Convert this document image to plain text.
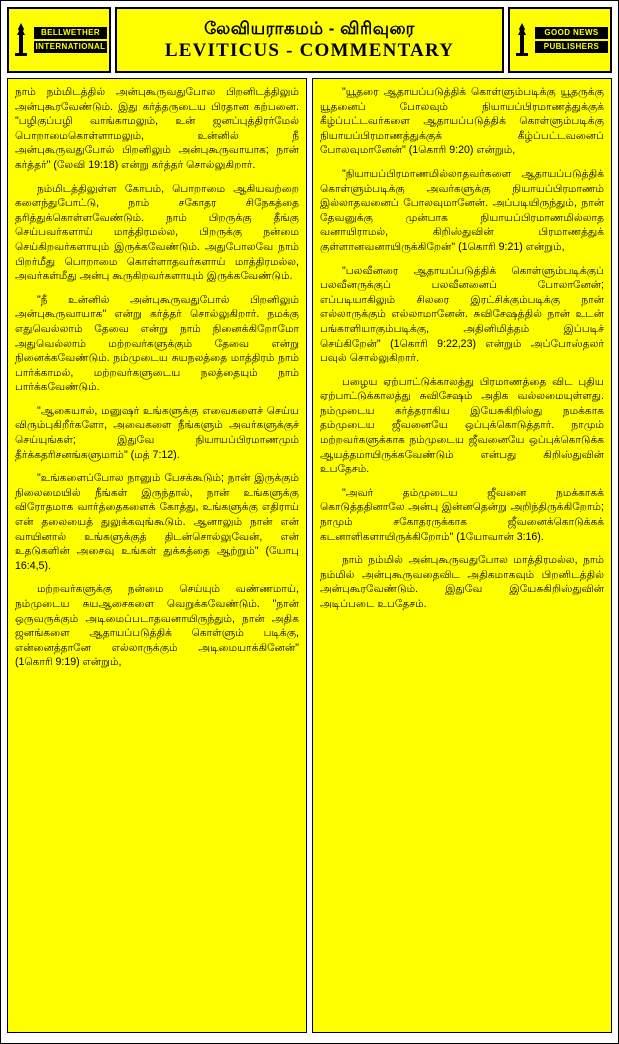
BELLWETHER
INTERNATIONAL
லேவியராகமம் - விரிவுரை
LEVITICUS - COMMENTARY
GOOD NEWS
PUBLISHERS

நாம் நம்மிடத்தில் அன்புகூருவதுபோல பிறனிடத்திலும் அன்புகூரவேண்டும். இது கர்த்தருடைய பிரதான கற்பனை. "பழிகுப்பழி வாங்காமலும், உன் ஜனப்புத்திரர்மேல் பொறாமைகொள்ளாமலும், உன்னில் நீ அன்புகூருவதுபோல் பிறனிலும் அன்புகூருவாயாக; நான் கர்த்தர்" (லேவி 19:18) என்று கர்த்தர் சொல்லுகிறார்.

நம்மிடத்திலுள்ள கோபம், பொறாமை ஆகியவற்றை களைந்துபோட்டு, நாம் சகோதர சிநேகத்தை தரித்துக்கொள்ளவேண்டும். நாம் பிறருக்கு தீங்கு செய்பவர்களாய் மாத்திரமல்ல, பிறருக்கு நன்மை செய்கிறவர்களாயும் இருக்கவேண்டும். அதுபோலவே நாம் பிறர்மீது பொறாமை கொள்ளாதவர்களாய் மாத்திரமல்ல, அவர்கள்மீது அன்பு கூருகிறவர்களாயும் இருக்கவேண்டும்.

"நீ உன்னில் அன்புகூருவதுபோல் பிறனிலும் அன்புகூருவாயாக" என்று கர்த்தர் சொல்லுகிறார். நமக்கு எதுவெல்லாம் தேவை என்று நாம் நினைக்கிறோமோ அதுவெல்லாம் மற்றவர்களுக்கும் தேவை என்று நினைக்கவேண்டும். நம்முடைய சுயநலத்தை மாத்திரம் நாம் பார்க்காமல், மற்றவர்களுடைய நலத்தையும் நாம் பார்க்கவேண்டும்.

"ஆகையால், மனுஷர் உங்களுக்கு எவைகளைச் செய்ய விரும்புகிறீர்களோ, அவைகளை நீங்களும் அவர்களுக்குச் செய்யுங்கள்; இதுவே நியாயப்பிரமாணமும் தீர்க்கதரிசனங்களுமாம்" (மத் 7:12).

"உங்களைப்போல நானும் பேசக்கூடும்; நான் இருக்கும் நிலைமையில் நீங்கள் இருந்தால், நான் உங்களுக்கு விரோதமாக வார்த்தைகளைக் கோத்து, உங்களுக்கு எதிராய் என் தலையைத் துலுக்கவுங்கூடும். ஆனாலும் நான் என் வாயினால் உங்களுக்குத் திடன்சொல்லுவேன், என் உதடுகளின் அசைவு உங்கள் துக்கத்தை ஆற்றும்" (யோபு 16:4,5).

மற்றவர்களுக்கு நன்மை செய்யும் வண்ணமாய், நம்முடைய சுயஆசைகளை வெறுக்கவேண்டும். "நான் ஒருவருக்கும் அடிமைப்படாதவனாயிருந்தும், நான் அதிக ஜனங்களை ஆதாயப்படுத்திக் கொள்ளும் படிக்கு, என்னைத்தானே எல்லாருக்கும் அடிமையாக்கினேன்" (1கொரி 9:19) என்றும்,

"யூதரை ஆதாயப்படுத்திக் கொள்ளும்படிக்கு யூதருக்கு யூதனைப் போலவும் நியாயப்பிரமாணத்துக்குக் கீழ்ப்பட்டவர்களை ஆதாயப்படுத்திக் கொள்ளும்படிக்கு நியாயப்பிரமாணத்துக்குக் கீழ்ப்பட்டவனைப் போலவுமானேன்" (1கொரி 9:20) என்றும்,

"நியாயப்பிரமாணமில்லாதவர்களை ஆதாயப்படுத்திக் கொள்ளும்படிக்கு அவர்களுக்கு நியாயப்பிரமாணம் இல்லாதவனைப் போலவுமானேன். அப்படியிருந்தும், நான் தேவனுக்கு முன்பாக நியாயப்பிரமாணமில்லாத வனாயிராமல், கிறிஸ்துவின் பிரமாணத்துக் குள்ளானவனாயிருக்கிறேன்" (1கொரி 9:21) என்றும்,

"பலவீனரை ஆதாயப்படுத்திக் கொள்ளும்படிக்குப் பலவீனருக்குப் பலவீனனைப் போலானேன்; எப்படியாகிலும் சிலரை இரட்சிக்கும்படிக்கு நான் எல்லாருக்கும் எல்லாமானேன். சுவிசேஷத்தில் நான் உடன் பங்காளியாகும்படிக்கு, அதினிமித்தம் இப்படிச் செய்கிறேன்" (1கொரி 9:22,23) என்றும் அப்போஸ்தலர் பவுல் சொல்லுகிறார்.

பழைய ஏற்பாட்டுக்காலத்து பிரமாணத்தை விட புதிய ஏற்பாட்டுக்காலத்து சுவிசேஷம் அதிக வல்லமையுள்ளது. நம்முடைய கர்த்தராகிய இயேசுகிறிஸ்து நமக்காக தம்முடைய ஜீவனையே ஒப்புக்கொடுத்தார். நாமும் மற்றவர்களுக்காக நம்முடைய ஜீவனையே ஒப்புக்கொடுக்க ஆயத்தமாயிருக்கவேண்டும் என்பது கிறிஸ்துவின் உபதேசம்.

"அவர் தம்முடைய ஜீவனை நமக்காகக் கொடுத்ததினாலே அன்பு இன்னதென்று அறிந்திருக்கிறோம்; நாமும் சகோதரருக்காக ஜீவனைக்கொடுக்கக் கடனாளிகளாயிருக்கிறோம்" (1யோவான் 3:16).

நாம் நம்மில் அன்புகூருவதுபோல மாத்திரமல்ல, நாம் நம்மில் அன்புகூருவதைவிட அதிகமாகவும் பிறனிடத்தில் அன்புகூரவேண்டும். இதுவே இயேசுகிறிஸ்துவின் அடிப்படை உபதேசம்.
